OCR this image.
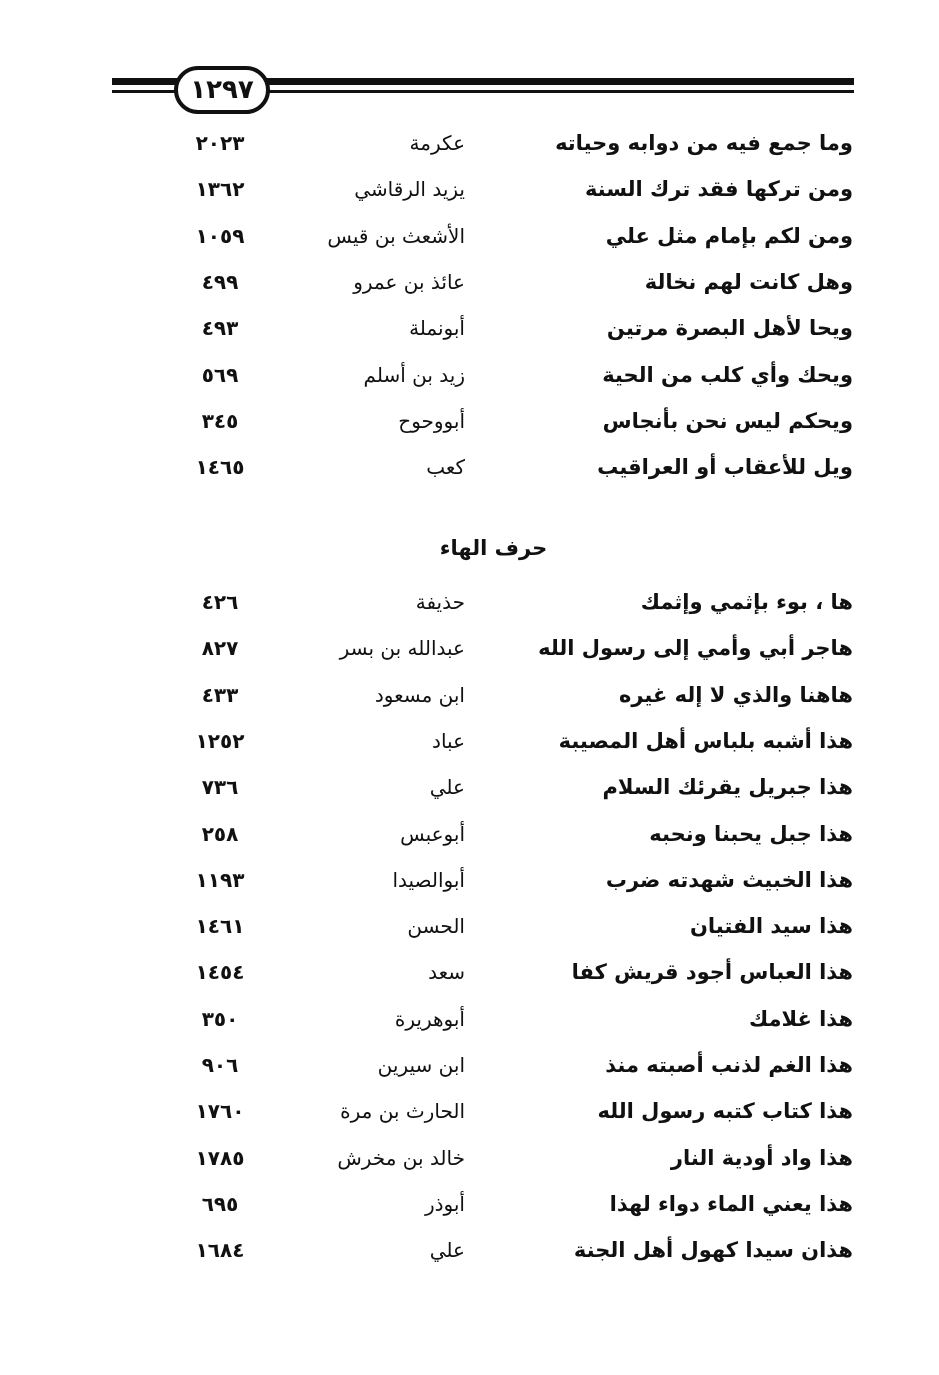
١٢٩٧
وما جمع فيه من دوابه وحياته
عكرمة
٢٠٢٣
ومن تركها فقد ترك السنة
يزيد الرقاشي
١٣٦٢
ومن لكم بإمام مثل علي
الأشعث بن قيس
١٠٥٩
وهل كانت لهم نخالة
عائذ بن عمرو
٤٩٩
ويحا لأهل البصرة مرتين
أبونملة
٤٩٣
ويحك وأي كلب من الحية
زيد بن أسلم
٥٦٩
ويحكم ليس نحن بأنجاس
أبووحوح
٣٤٥
ويل للأعقاب أو العراقيب
كعب
١٤٦٥
حرف الهاء
ها ، بوء بإثمي وإثمك
حذيفة
٤٢٦
هاجر أبي وأمي إلى رسول الله
عبدالله بن بسر
٨٢٧
هاهنا والذي لا إله غيره
ابن مسعود
٤٣٣
هذا أشبه بلباس أهل المصيبة
عباد
١٢٥٢
هذا جبريل يقرئك السلام
علي
٧٣٦
هذا جبل يحبنا ونحبه
أبوعبس
٢٥٨
هذا الخبيث شهدته ضرب
أبوالصيدا
١١٩٣
هذا سيد الفتيان
الحسن
١٤٦١
هذا العباس أجود قريش كفا
سعد
١٤٥٤
هذا غلامك
أبوهريرة
٣٥٠
هذا الغم لذنب أصبته منذ
ابن سيرين
٩٠٦
هذا كتاب كتبه رسول الله
الحارث بن مرة
١٧٦٠
هذا واد أودية النار
خالد بن مخرش
١٧٨٥
هذا يعني الماء دواء لهذا
أبوذر
٦٩٥
هذان سيدا كهول أهل الجنة
علي
١٦٨٤
